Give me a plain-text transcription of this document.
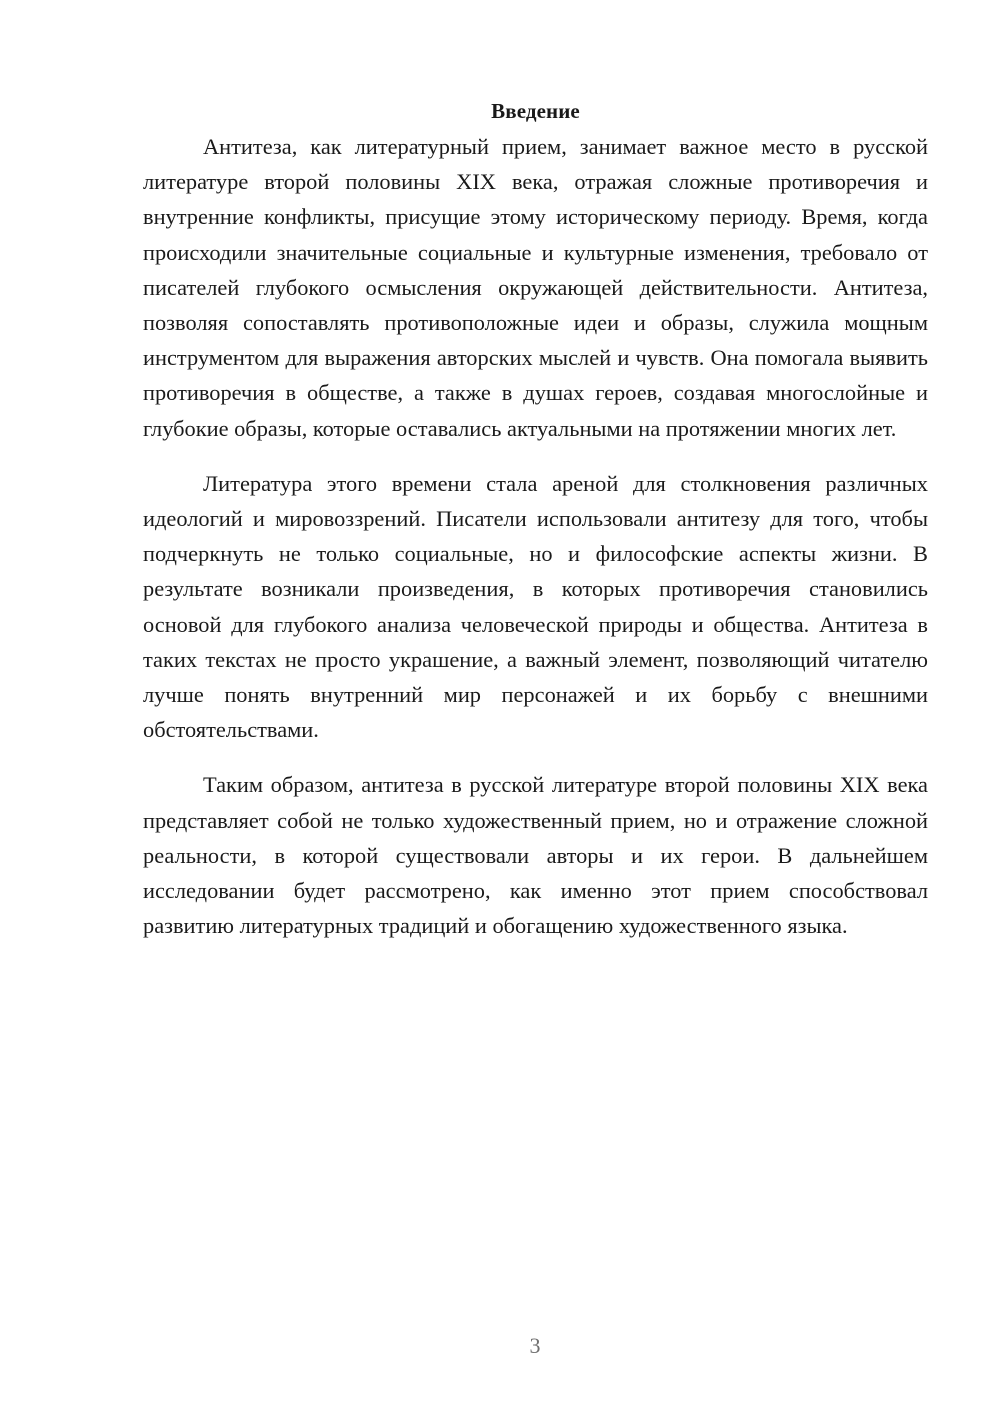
Введение

Антитеза, как литературный прием, занимает важное место в русской литературе второй половины XIX века, отражая сложные противоречия и внутренние конфликты, присущие этому историческому периоду. Время, когда происходили значительные социальные и культурные изменения, требовало от писателей глубокого осмысления окружающей действительности. Антитеза, позволяя сопоставлять противоположные идеи и образы, служила мощным инструментом для выражения авторских мыслей и чувств. Она помогала выявить противоречия в обществе, а также в душах героев, создавая многослойные и глубокие образы, которые оставались актуальными на протяжении многих лет.

Литература этого времени стала ареной для столкновения различных идеологий и мировоззрений. Писатели использовали антитезу для того, чтобы подчеркнуть не только социальные, но и философские аспекты жизни. В результате возникали произведения, в которых противоречия становились основой для глубокого анализа человеческой природы и общества. Антитеза в таких текстах не просто украшение, а важный элемент, позволяющий читателю лучше понять внутренний мир персонажей и их борьбу с внешними обстоятельствами.

Таким образом, антитеза в русской литературе второй половины XIX века представляет собой не только художественный прием, но и отражение сложной реальности, в которой существовали авторы и их герои. В дальнейшем исследовании будет рассмотрено, как именно этот прием способствовал развитию литературных традиций и обогащению художественного языка.

3
